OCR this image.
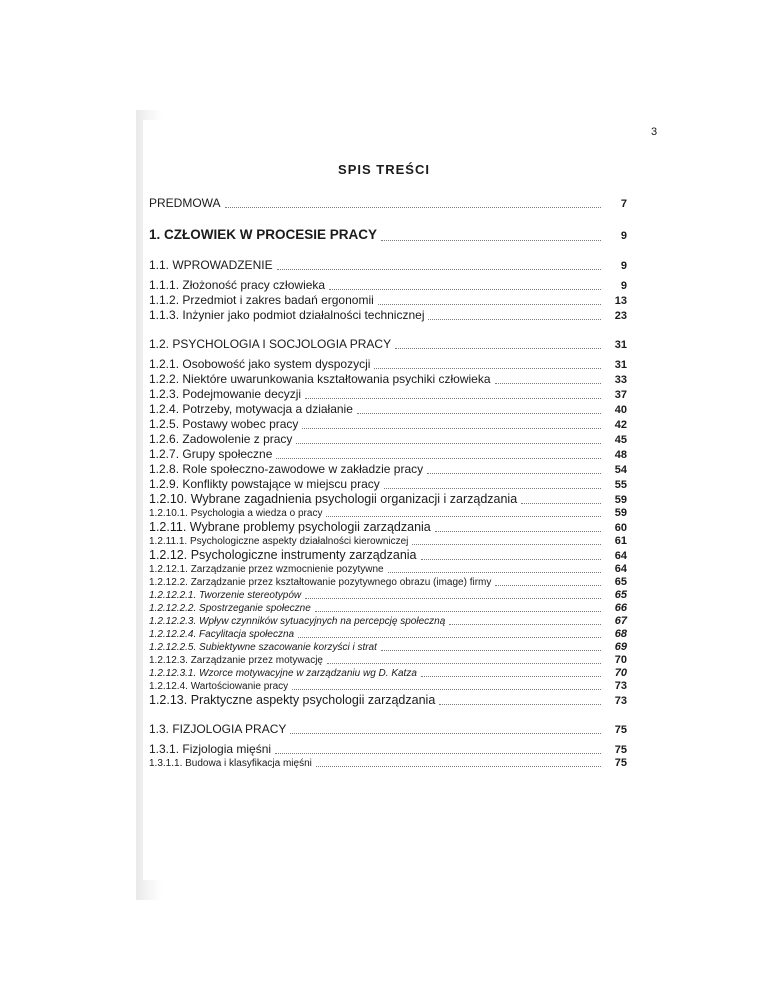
3
SPIS TREŚCI
PREDMOWA	7
1. CZŁOWIEK W PROCESIE PRACY	9
1.1. WPROWADZENIE	9
1.1.1. Złożoność pracy człowieka	9
1.1.2. Przedmiot i zakres badań ergonomii	13
1.1.3. Inżynier jako podmiot działalności technicznej	23
1.2. PSYCHOLOGIA I SOCJOLOGIA PRACY	31
1.2.1. Osobowość jako system dyspozycji	31
1.2.2. Niektóre uwarunkowania kształtowania psychiki człowieka	33
1.2.3. Podejmowanie decyzji	37
1.2.4. Potrzeby, motywacja a działanie	40
1.2.5. Postawy wobec pracy	42
1.2.6. Zadowolenie z pracy	45
1.2.7. Grupy społeczne	48
1.2.8. Role społeczno-zawodowe w zakładzie pracy	54
1.2.9. Konflikty powstające w miejscu pracy	55
1.2.10. Wybrane zagadnienia psychologii organizacji i zarządzania	59
1.2.10.1. Psychologia a wiedza o pracy	59
1.2.11. Wybrane problemy psychologii zarządzania	60
1.2.11.1. Psychologiczne aspekty działalności kierowniczej	61
1.2.12. Psychologiczne instrumenty zarządzania	64
1.2.12.1. Zarządzanie przez wzmocnienie pozytywne	64
1.2.12.2. Zarządzanie przez kształtowanie pozytywnego obrazu (image) firmy	65
1.2.12.2.1. Tworzenie stereotypów	65
1.2.12.2.2. Spostrzeganie społeczne	66
1.2.12.2.3. Wpływ czynników sytuacyjnych na percepcję społeczną	67
1.2.12.2.4. Facylitacja społeczna	68
1.2.12.2.5. Subiektywne szacowanie korzyści i strat	69
1.2.12.3. Zarządzanie przez motywację	70
1.2.12.3.1. Wzorce motywacyjne w zarządzaniu wg D. Katza	70
1.2.12.4. Wartościowanie pracy	73
1.2.13. Praktyczne aspekty psychologii zarządzania	73
1.3. FIZJOLOGIA PRACY	75
1.3.1. Fizjologia mięśni	75
1.3.1.1. Budowa i klasyfikacja mięśni	75
